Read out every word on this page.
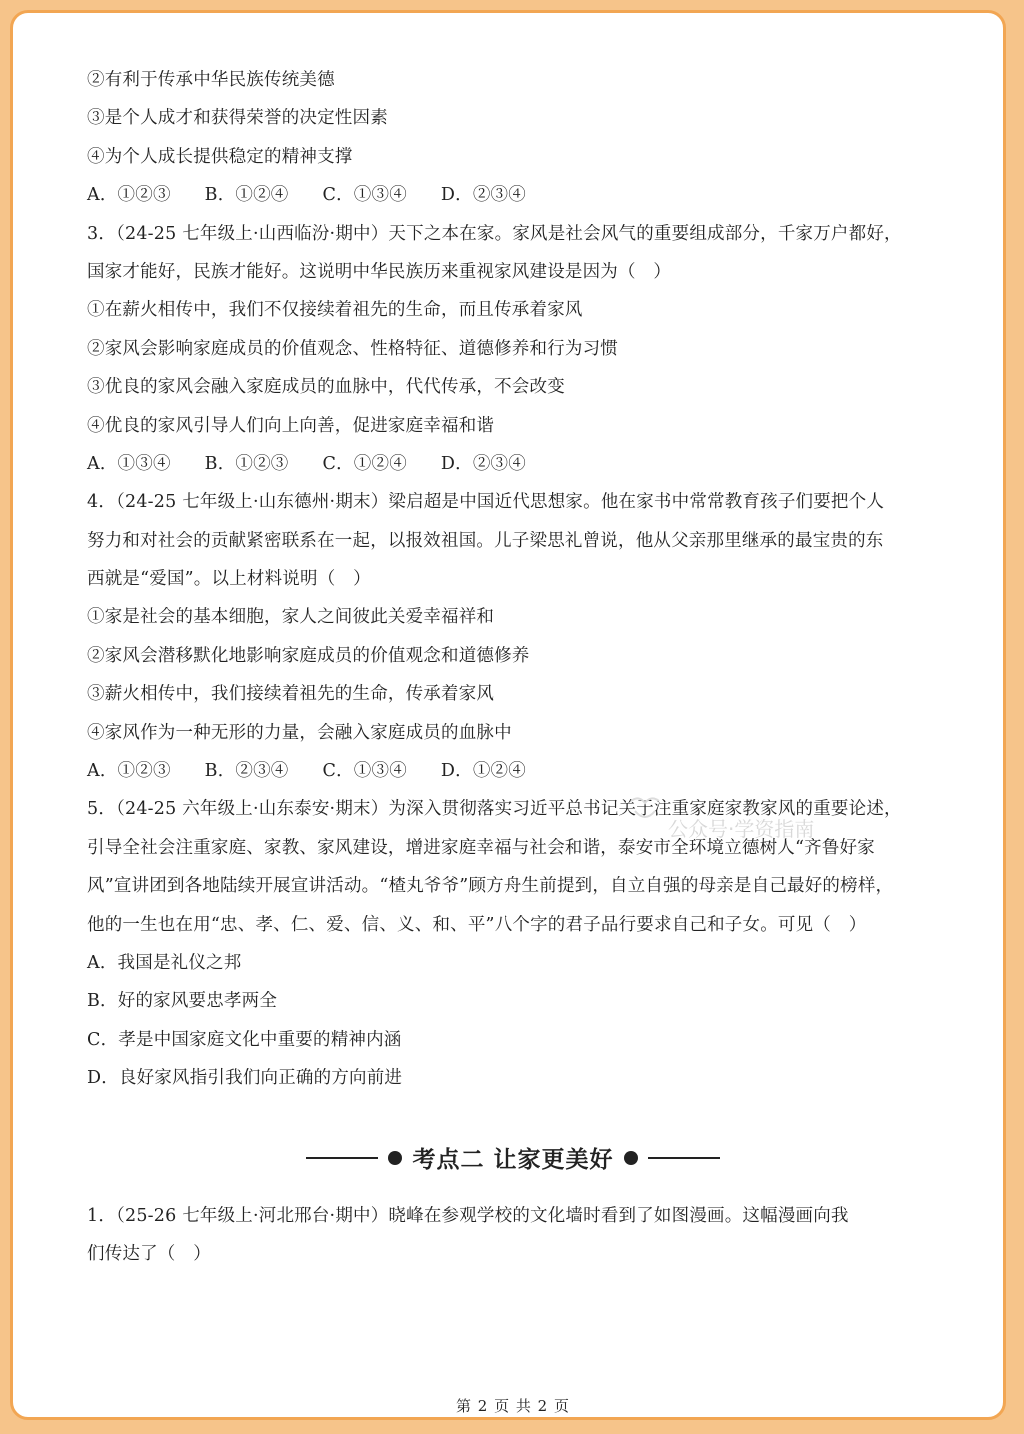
②有利于传承中华民族传统美德
③是个人成才和获得荣誉的决定性因素
④为个人成长提供稳定的精神支撑
A．①②③ B．①②④ C．①③④ D．②③④
3．（24-25 七年级上·山西临汾·期中）天下之本在家。家风是社会风气的重要组成部分，千家万户都好，
国家才能好，民族才能好。这说明中华民族历来重视家风建设是因为（　）
①在薪火相传中，我们不仅接续着祖先的生命，而且传承着家风
②家风会影响家庭成员的价值观念、性格特征、道德修养和行为习惯
③优良的家风会融入家庭成员的血脉中，代代传承，不会改变
④优良的家风引导人们向上向善，促进家庭幸福和谐
A．①③④ B．①②③ C．①②④ D．②③④
4．（24-25 七年级上·山东德州·期末）梁启超是中国近代思想家。他在家书中常常教育孩子们要把个人
努力和对社会的贡献紧密联系在一起，以报效祖国。儿子梁思礼曾说，他从父亲那里继承的最宝贵的东
西就是“爱国”。以上材料说明（　）
①家是社会的基本细胞，家人之间彼此关爱幸福祥和
②家风会潜移默化地影响家庭成员的价值观念和道德修养
③薪火相传中，我们接续着祖先的生命，传承着家风
④家风作为一种无形的力量，会融入家庭成员的血脉中
A．①②③ B．②③④ C．①③④ D．①②④
5．（24-25 六年级上·山东泰安·期末）为深入贯彻落实习近平总书记关于注重家庭家教家风的重要论述，
引导全社会注重家庭、家教、家风建设，增进家庭幸福与社会和谐，泰安市全环境立德树人“齐鲁好家
风”宣讲团到各地陆续开展宣讲活动。“楂丸爷爷”顾方舟生前提到，自立自强的母亲是自己最好的榜样，
他的一生也在用“忠、孝、仁、爱、信、义、和、平”八个字的君子品行要求自己和子女。可见（　）
A．我国是礼仪之邦
B．好的家风要忠孝两全
C．孝是中国家庭文化中重要的精神内涵
D．良好家风指引我们向正确的方向前进
考点二 让家更美好
1．（25-26 七年级上·河北邢台·期中）晓峰在参观学校的文化墙时看到了如图漫画。这幅漫画向我
们传达了（　）
公众号·学资指南
第 2 页 共 2 页
